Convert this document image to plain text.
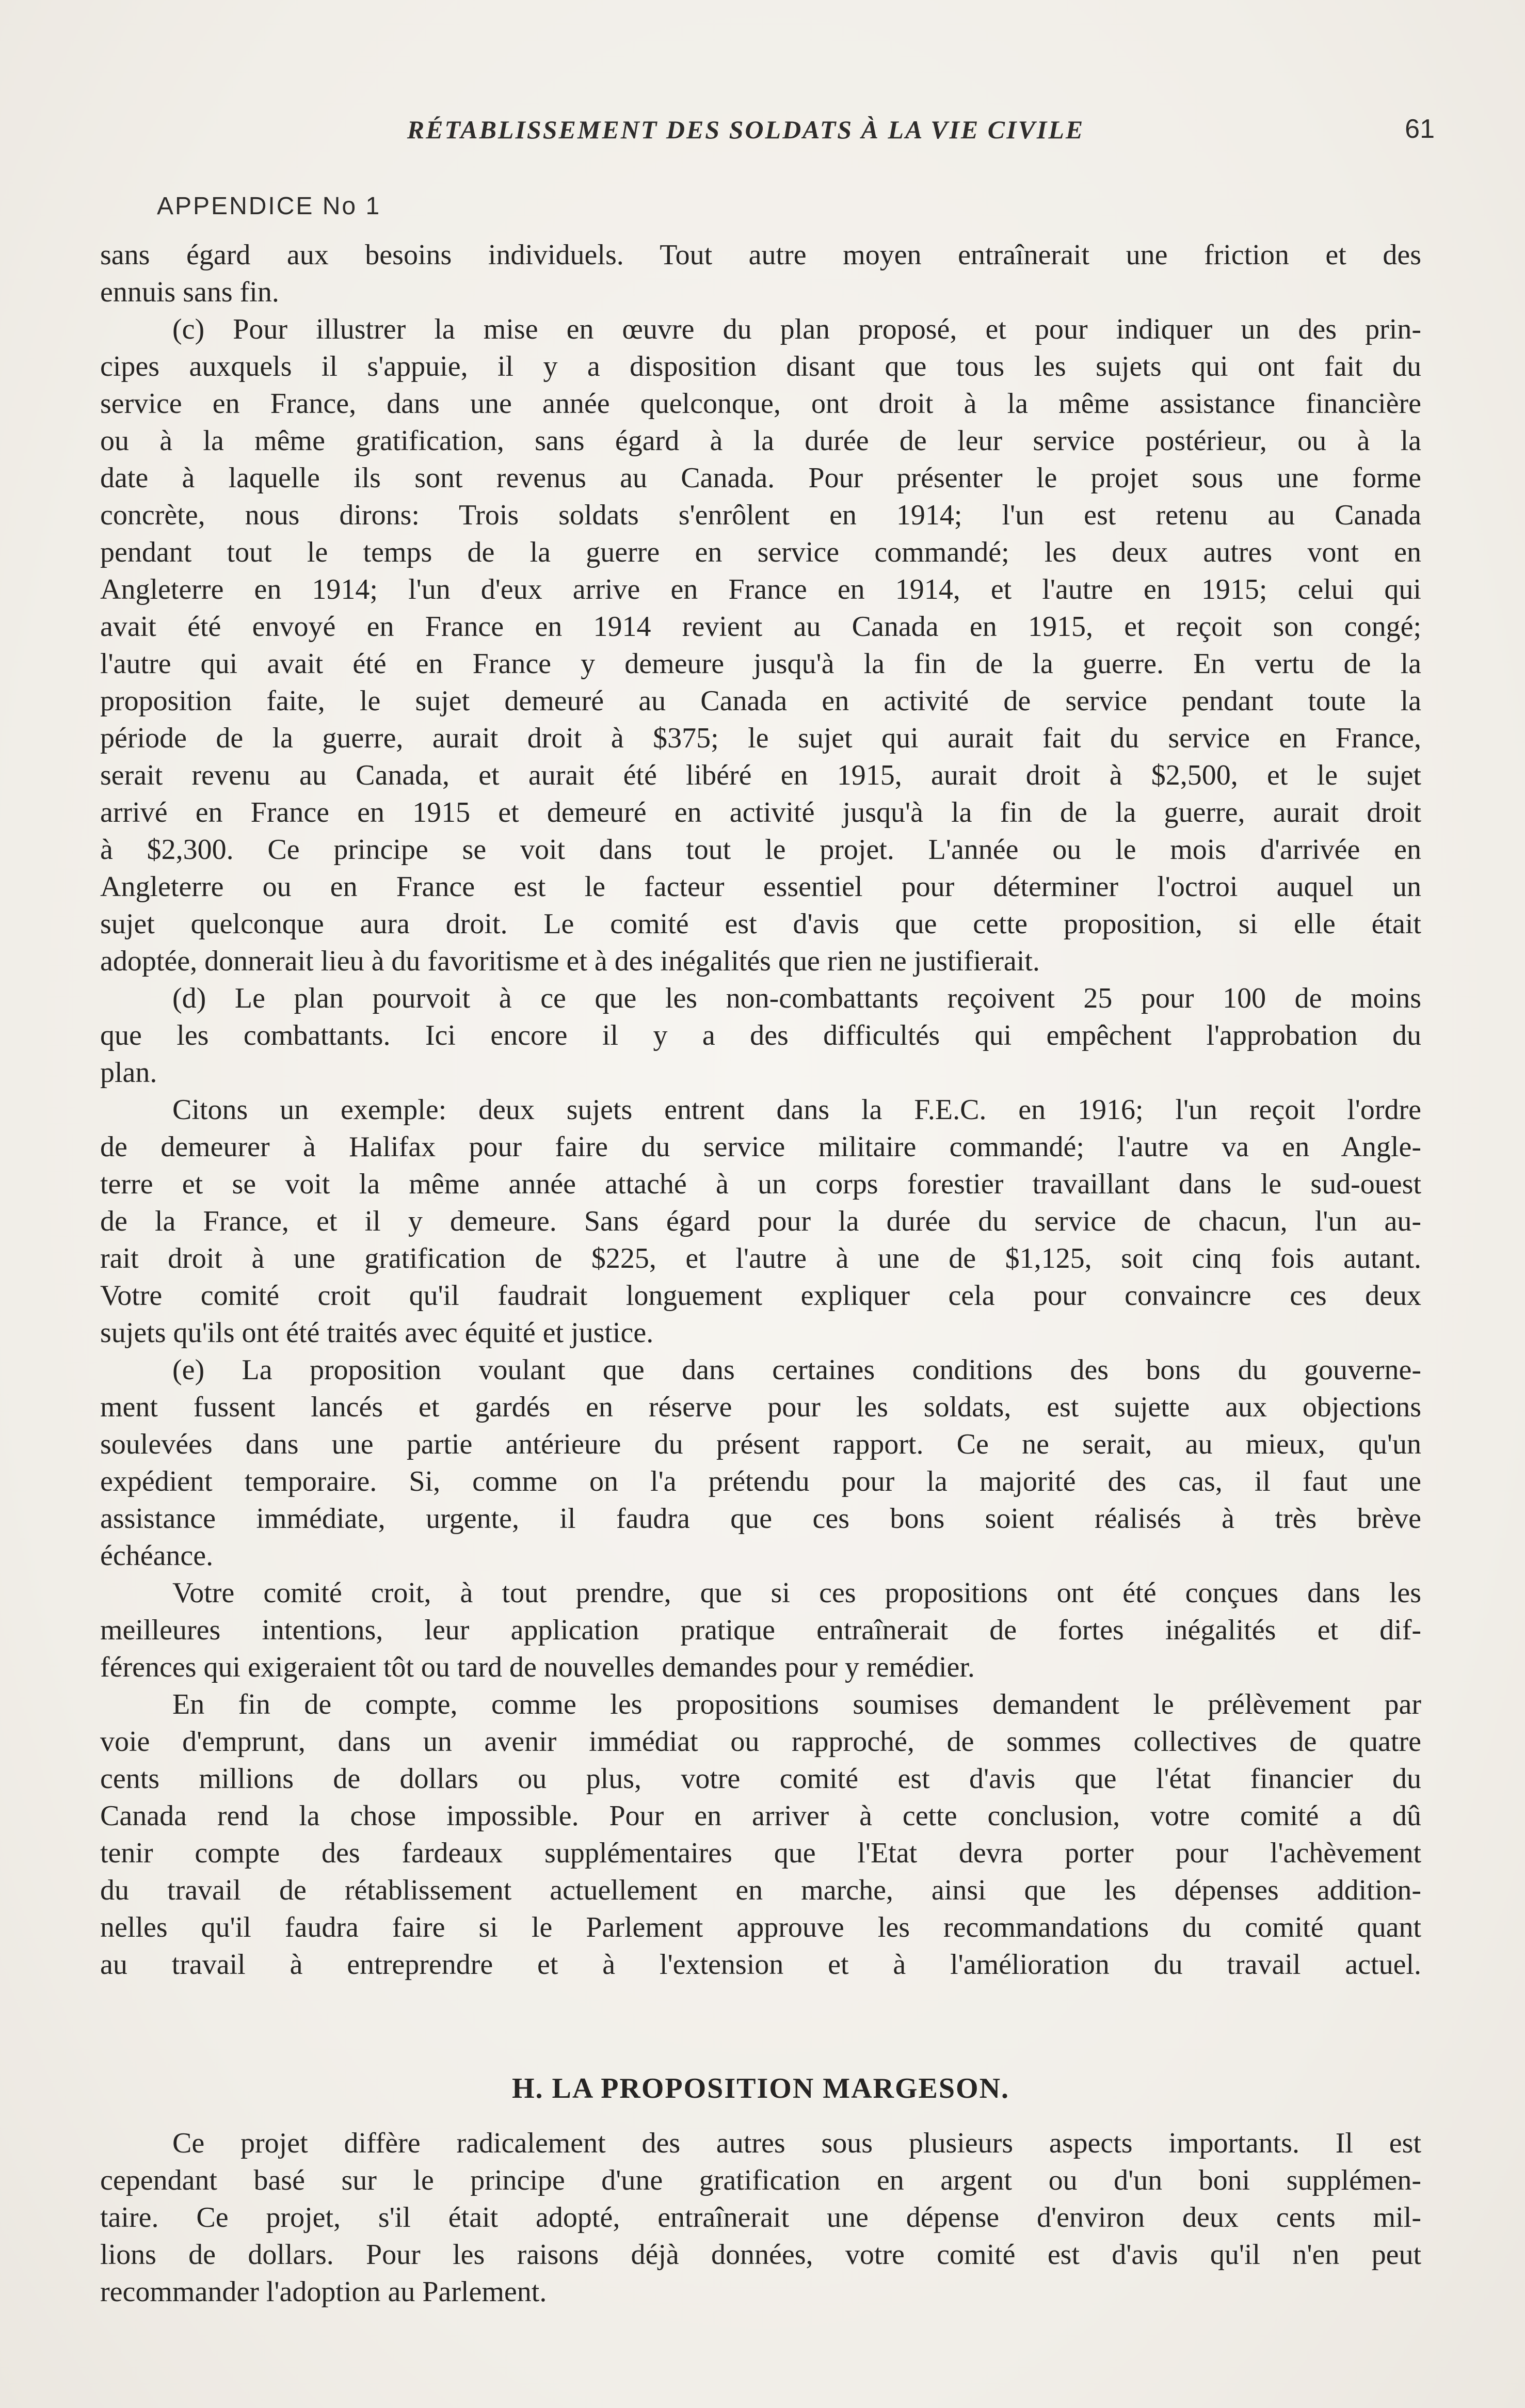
RÉTABLISSEMENT DES SOLDATS À LA VIE CIVILE	61
APPENDICE No 1
sans égard aux besoins individuels. Tout autre moyen entraînerait une friction et des
ennuis sans fin.
(c) Pour illustrer la mise en œuvre du plan proposé, et pour indiquer un des prin-
cipes auxquels il s'appuie, il y a disposition disant que tous les sujets qui ont fait du
service en France, dans une année quelconque, ont droit à la même assistance financière
ou à la même gratification, sans égard à la durée de leur service postérieur, ou à la
date à laquelle ils sont revenus au Canada. Pour présenter le projet sous une forme
concrète, nous dirons: Trois soldats s'enrôlent en 1914; l'un est retenu au Canada
pendant tout le temps de la guerre en service commandé; les deux autres vont en
Angleterre en 1914; l'un d'eux arrive en France en 1914, et l'autre en 1915; celui qui
avait été envoyé en France en 1914 revient au Canada en 1915, et reçoit son congé;
l'autre qui avait été en France y demeure jusqu'à la fin de la guerre. En vertu de la
proposition faite, le sujet demeuré au Canada en activité de service pendant toute la
période de la guerre, aurait droit à $375; le sujet qui aurait fait du service en France,
serait revenu au Canada, et aurait été libéré en 1915, aurait droit à $2,500, et le sujet
arrivé en France en 1915 et demeuré en activité jusqu'à la fin de la guerre, aurait droit
à $2,300. Ce principe se voit dans tout le projet. L'année ou le mois d'arrivée en
Angleterre ou en France est le facteur essentiel pour déterminer l'octroi auquel un
sujet quelconque aura droit. Le comité est d'avis que cette proposition, si elle était
adoptée, donnerait lieu à du favoritisme et à des inégalités que rien ne justifierait.
(d) Le plan pourvoit à ce que les non-combattants reçoivent 25 pour 100 de moins
que les combattants. Ici encore il y a des difficultés qui empêchent l'approbation du
plan.
Citons un exemple: deux sujets entrent dans la F.E.C. en 1916; l'un reçoit l'ordre
de demeurer à Halifax pour faire du service militaire commandé; l'autre va en Angle-
terre et se voit la même année attaché à un corps forestier travaillant dans le sud-ouest
de la France, et il y demeure. Sans égard pour la durée du service de chacun, l'un au-
rait droit à une gratification de $225, et l'autre à une de $1,125, soit cinq fois autant.
Votre comité croit qu'il faudrait longuement expliquer cela pour convaincre ces deux
sujets qu'ils ont été traités avec équité et justice.
(e) La proposition voulant que dans certaines conditions des bons du gouverne-
ment fussent lancés et gardés en réserve pour les soldats, est sujette aux objections
soulevées dans une partie antérieure du présent rapport. Ce ne serait, au mieux, qu'un
expédient temporaire. Si, comme on l'a prétendu pour la majorité des cas, il faut une
assistance immédiate, urgente, il faudra que ces bons soient réalisés à très brève
échéance.
Votre comité croit, à tout prendre, que si ces propositions ont été conçues dans les
meilleures intentions, leur application pratique entraînerait de fortes inégalités et dif-
férences qui exigeraient tôt ou tard de nouvelles demandes pour y remédier.
En fin de compte, comme les propositions soumises demandent le prélèvement par
voie d'emprunt, dans un avenir immédiat ou rapproché, de sommes collectives de quatre
cents millions de dollars ou plus, votre comité est d'avis que l'état financier du
Canada rend la chose impossible. Pour en arriver à cette conclusion, votre comité a dû
tenir compte des fardeaux supplémentaires que l'Etat devra porter pour l'achèvement
du travail de rétablissement actuellement en marche, ainsi que les dépenses addition-
nelles qu'il faudra faire si le Parlement approuve les recommandations du comité quant
au travail à entreprendre et à l'extension et à l'amélioration du travail actuel.
H. LA PROPOSITION MARGESON.
Ce projet diffère radicalement des autres sous plusieurs aspects importants. Il est
cependant basé sur le principe d'une gratification en argent ou d'un boni supplémen-
taire. Ce projet, s'il était adopté, entraînerait une dépense d'environ deux cents mil-
lions de dollars. Pour les raisons déjà données, votre comité est d'avis qu'il n'en peut
recommander l'adoption au Parlement.
